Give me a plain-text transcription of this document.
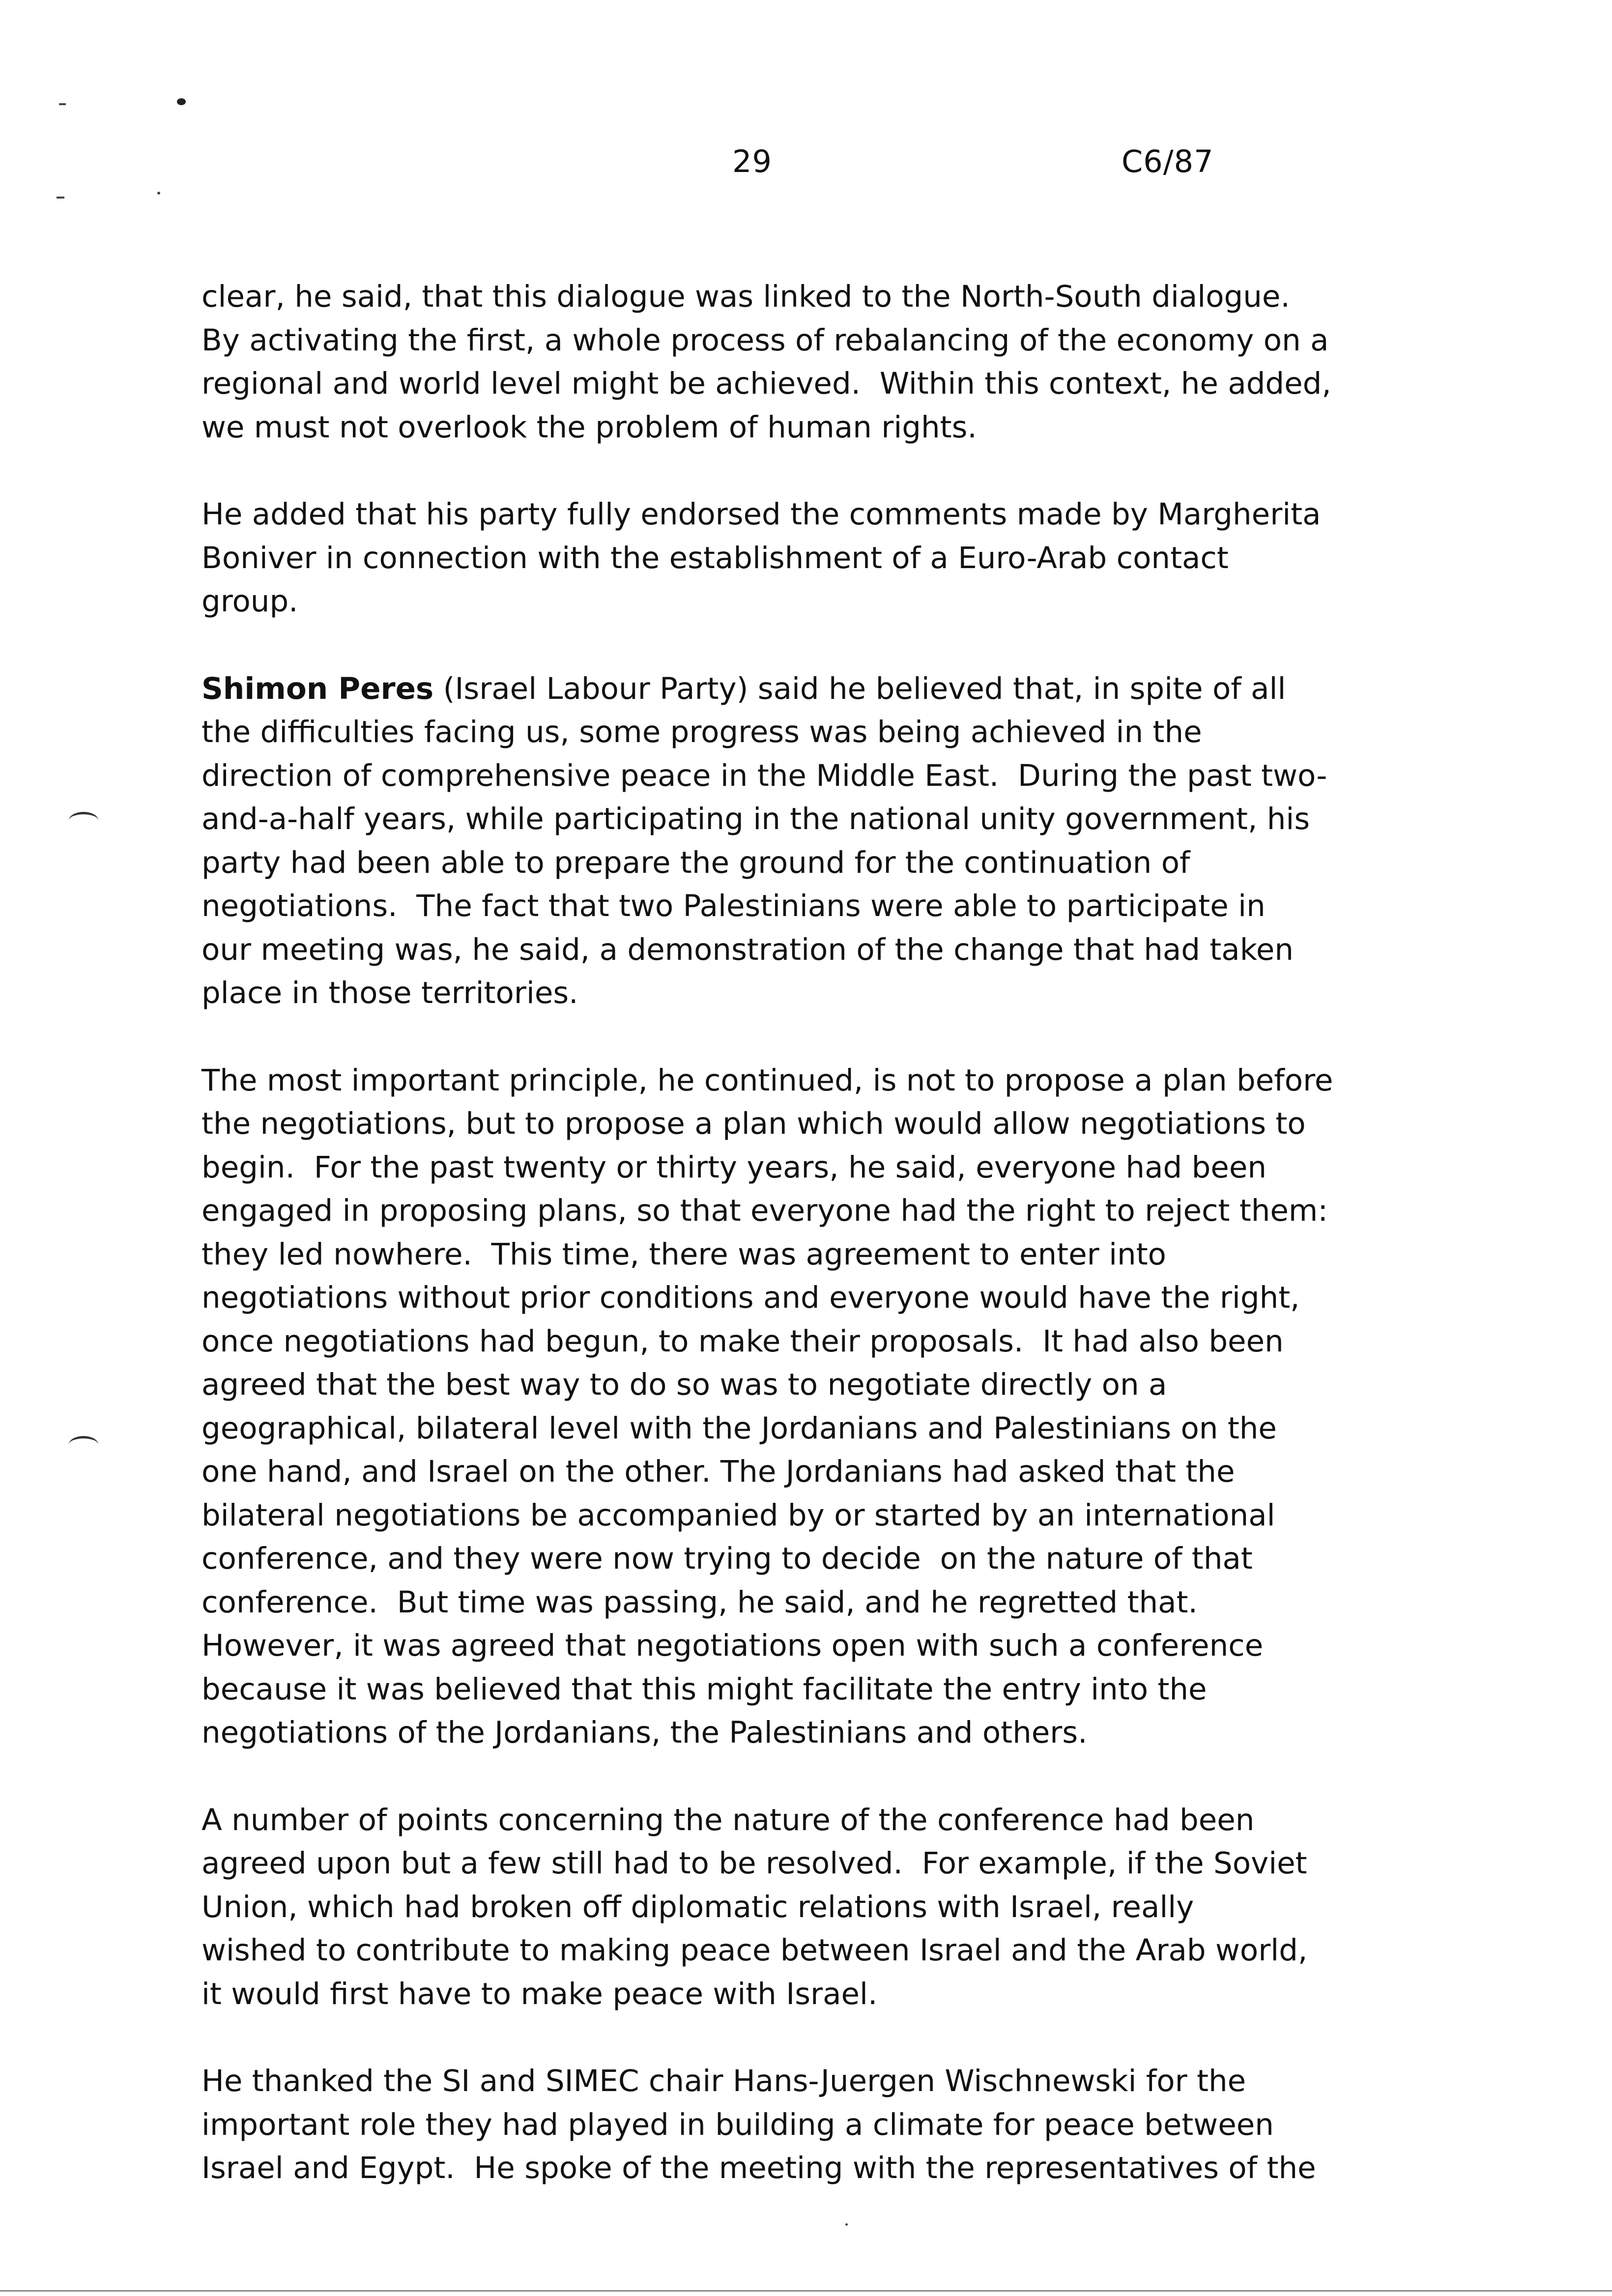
29	C6/87

clear, he said, that this dialogue was linked to the North-South dialogue.
By activating the first, a whole process of rebalancing of the economy on a
regional and world level might be achieved.  Within this context, he added,
we must not overlook the problem of human rights.

He added that his party fully endorsed the comments made by Margherita
Boniver in connection with the establishment of a Euro-Arab contact
group.

Shimon Peres (Israel Labour Party) said he believed that, in spite of all
the difficulties facing us, some progress was being achieved in the
direction of comprehensive peace in the Middle East.  During the past two-
and-a-half years, while participating in the national unity government, his
party had been able to prepare the ground for the continuation of
negotiations.  The fact that two Palestinians were able to participate in
our meeting was, he said, a demonstration of the change that had taken
place in those territories.

The most important principle, he continued, is not to propose a plan before
the negotiations, but to propose a plan which would allow negotiations to
begin.  For the past twenty or thirty years, he said, everyone had been
engaged in proposing plans, so that everyone had the right to reject them:
they led nowhere.  This time, there was agreement to enter into
negotiations without prior conditions and everyone would have the right,
once negotiations had begun, to make their proposals.  It had also been
agreed that the best way to do so was to negotiate directly on a
geographical, bilateral level with the Jordanians and Palestinians on the
one hand, and Israel on the other. The Jordanians had asked that the
bilateral negotiations be accompanied by or started by an international
conference, and they were now trying to decide  on the nature of that
conference.  But time was passing, he said, and he regretted that.
However, it was agreed that negotiations open with such a conference
because it was believed that this might facilitate the entry into the
negotiations of the Jordanians, the Palestinians and others.

A number of points concerning the nature of the conference had been
agreed upon but a few still had to be resolved.  For example, if the Soviet
Union, which had broken off diplomatic relations with Israel, really
wished to contribute to making peace between Israel and the Arab world,
it would first have to make peace with Israel.

He thanked the SI and SIMEC chair Hans-Juergen Wischnewski for the
important role they had played in building a climate for peace between
Israel and Egypt.  He spoke of the meeting with the representatives of the
